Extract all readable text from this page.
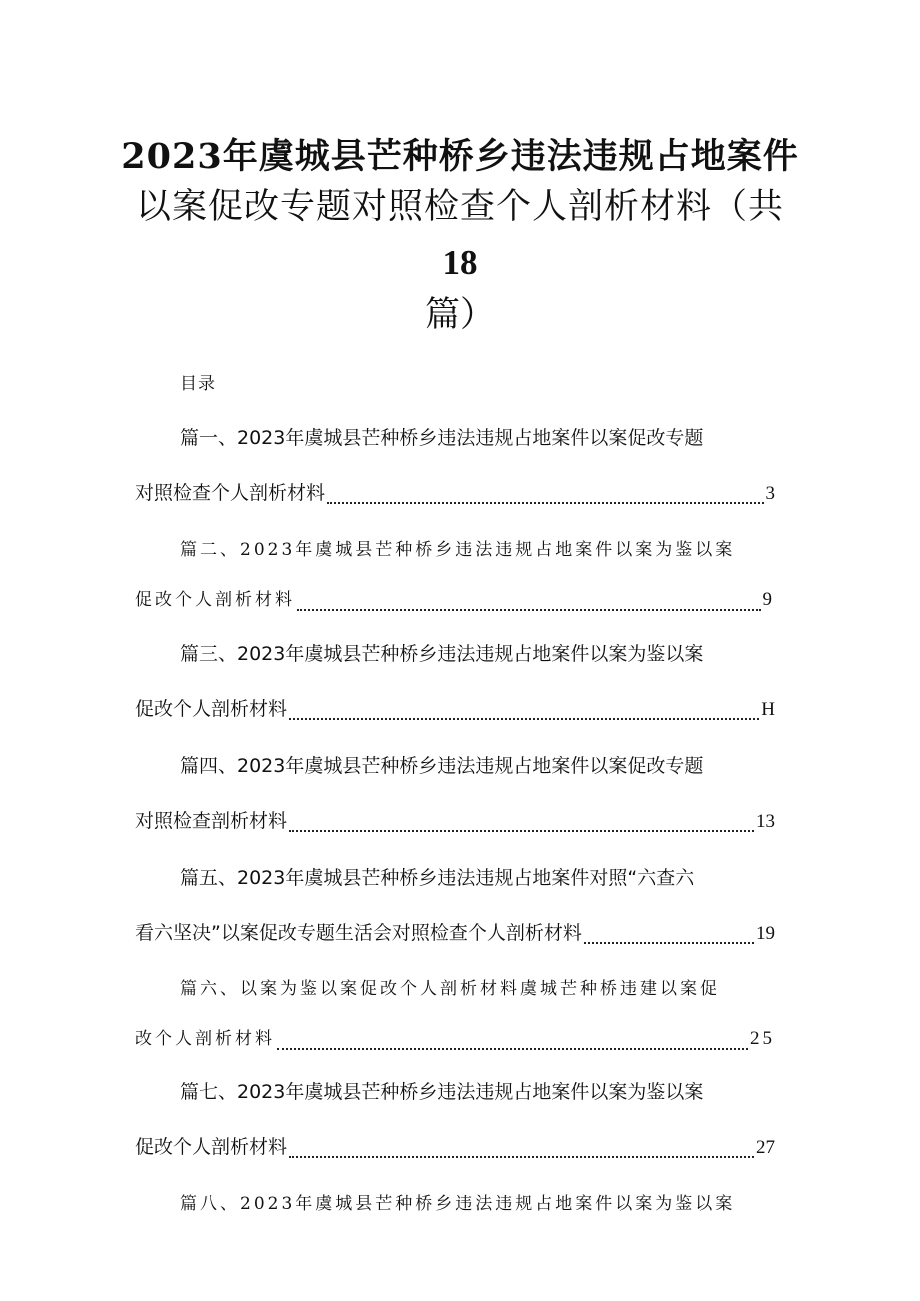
2023年虞城县芒种桥乡违法违规占地案件
以案促改专题对照检查个人剖析材料（共
18
篇）
目录
篇一、2023年虞城县芒种桥乡违法违规占地案件以案促改专题
对照检查个人剖析材料	3
篇二、2023年虞城县芒种桥乡违法违规占地案件以案为鉴以案
促改个人剖析材料	9
篇三、2023年虞城县芒种桥乡违法违规占地案件以案为鉴以案
促改个人剖析材料	H
篇四、2023年虞城县芒种桥乡违法违规占地案件以案促改专题
对照检查剖析材料	13
篇五、2023年虞城县芒种桥乡违法违规占地案件对照“六查六
看六坚决”以案促改专题生活会对照检查个人剖析材料	19
篇六、以案为鉴以案促改个人剖析材料虞城芒种桥违建以案促
改个人剖析材料	25
篇七、2023年虞城县芒种桥乡违法违规占地案件以案为鉴以案
促改个人剖析材料	27
篇八、2023年虞城县芒种桥乡违法违规占地案件以案为鉴以案
